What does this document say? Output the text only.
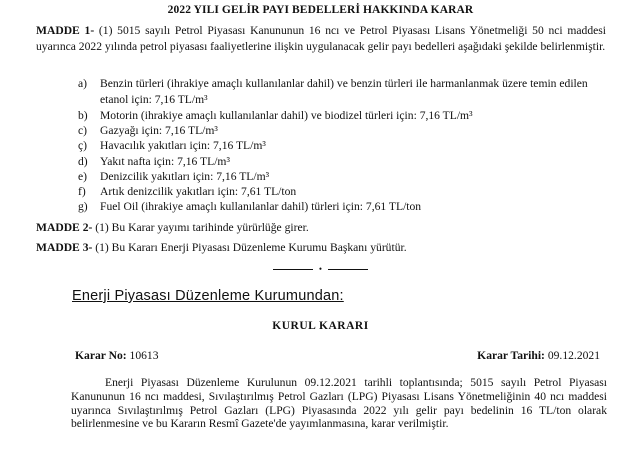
2022 YILI GELİR PAYI BEDELLERİ HAKKINDA KARAR
MADDE 1- (1) 5015 sayılı Petrol Piyasası Kanununun 16 ncı ve Petrol Piyasası Lisans Yönetmeliği 50 nci maddesi uyarınca 2022 yılında petrol piyasası faaliyetlerine ilişkin uygulanacak gelir payı bedelleri aşağıdaki şekilde belirlenmiştir.
a) Benzin türleri (ihrakiye amaçlı kullanılanlar dahil) ve benzin türleri ile harmanlanmak üzere temin edilen etanol için: 7,16 TL/m³
b) Motorin (ihrakiye amaçlı kullanılanlar dahil) ve biodizel türleri için: 7,16 TL/m³
c) Gazyağı için: 7,16 TL/m³
ç) Havacılık yakıtları için: 7,16 TL/m³
d) Yakıt nafta için: 7,16 TL/m³
e) Denizcilik yakıtları için: 7,16 TL/m³
f) Artık denizcilik yakıtları için: 7,61 TL/ton
g) Fuel Oil (ihrakiye amaçlı kullanılanlar dahil) türleri için: 7,61 TL/ton
MADDE 2- (1) Bu Karar yayımı tarihinde yürürlüğe girer.
MADDE 3- (1) Bu Kararı Enerji Piyasası Düzenleme Kurumu Başkanı yürütür.
•
Enerji Piyasası Düzenleme Kurumundan:
KURUL KARARI
Karar No: 10613	Karar Tarihi: 09.12.2021
Enerji Piyasası Düzenleme Kurulunun 09.12.2021 tarihli toplantısında; 5015 sayılı Petrol Piyasası Kanununun 16 ncı maddesi, Sıvılaştırılmış Petrol Gazları (LPG) Piyasası Lisans Yönetmeliğinin 40 ncı maddesi uyarınca Sıvılaştırılmış Petrol Gazları (LPG) Piyasasında 2022 yılı gelir payı bedelinin 16 TL/ton olarak belirlenmesine ve bu Kararın Resmî Gazete'de yayımlanmasına, karar verilmiştir.
